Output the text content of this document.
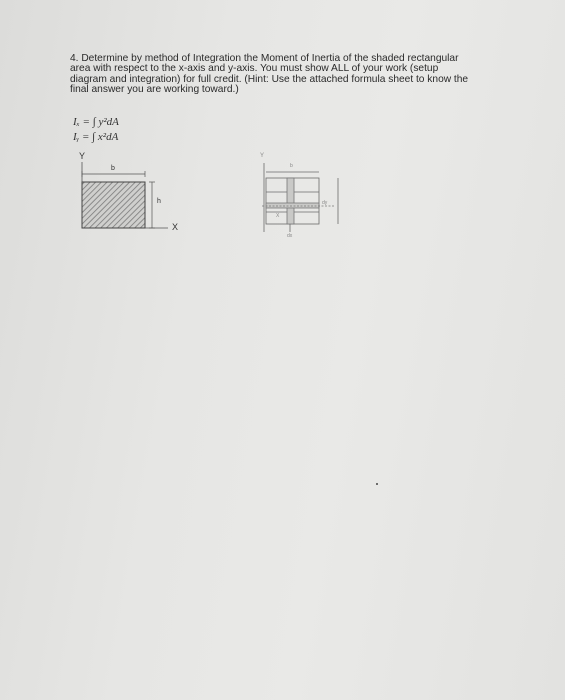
4. Determine by method of Integration the Moment of Inertia of the shaded rectangular
area with respect to the x-axis and y-axis. You must show ALL of your work (setup
diagram and integration) for full credit. (Hint: Use the attached formula sheet to know the
final answer you are working toward.)
Iₓ = ∫ y²dA
Iᵧ = ∫ x²dA
Y
X
b
h
Y
b
dy
X
dx
